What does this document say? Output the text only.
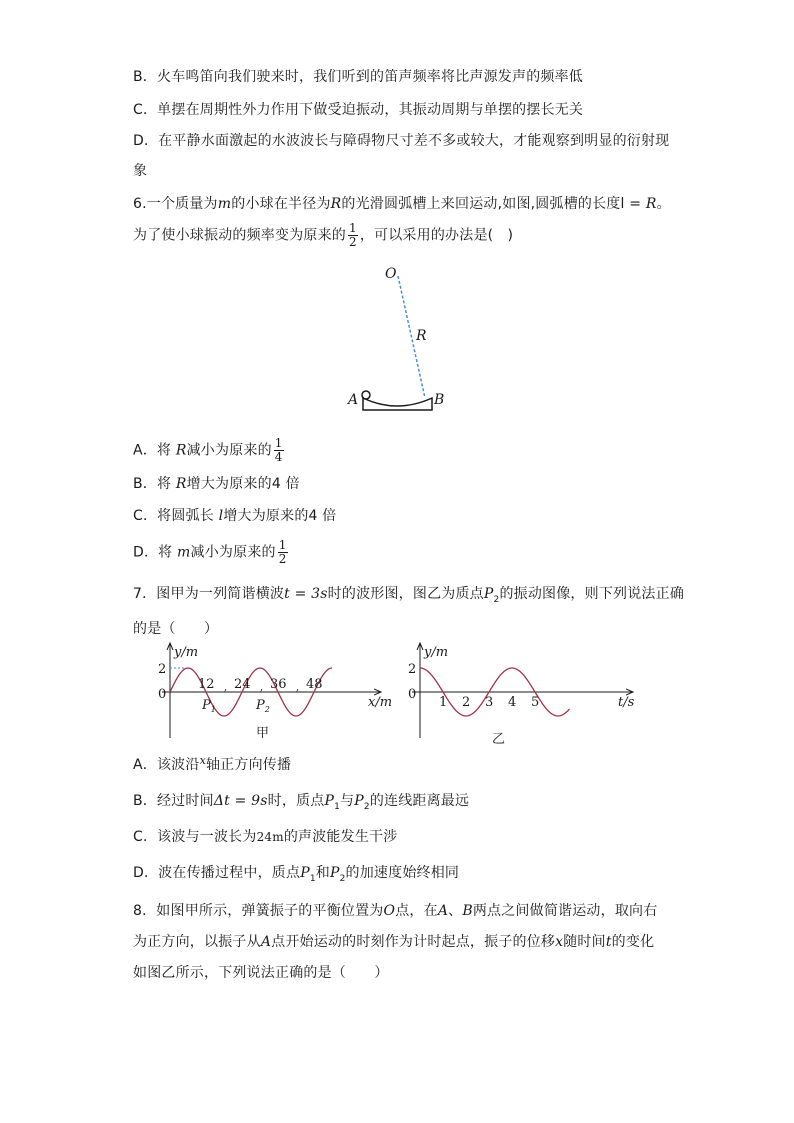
B．火车鸣笛向我们驶来时，我们听到的笛声频率将比声源发声的频率低
C．单摆在周期性外力作用下做受迫振动，其振动周期与单摆的摆长无关
D．在平静水面激起的水波波长与障碍物尺寸差不多或较大，才能观察到明显的衍射现
象
6.一个质量为m的小球在半径为R的光滑圆弧槽上来回运动,如图,圆弧槽的长度l = R。
为了使小球振动的频率变为原来的 $\frac{1}{2}$ ，可以采用的办法是(　)
O
R
A	B
A．将 R减小为原来的 $\frac{1}{4}$
B．将 R增大为原来的4 倍
C．将圆弧长 l增大为原来的4 倍
D．将 m减小为原来的 $\frac{1}{2}$
7．图甲为一列简谐横波t = 3s时的波形图，图乙为质点$P_2$的振动图像，则下列说法正确
的是（　　）
y/m
x/m
0
2
12 24
,	36
,	48
,
$P_1$	$P_2$
甲
y/m
t/s
0
2
1 2 3 4 5
乙
A．该波沿$^x$轴正方向传播
B．经过时间Δt = 9s时，质点$P_1$与$P_2$的连线距离最远
C．该波与一波长为24m的声波能发生干涉
D．波在传播过程中，质点$P_1$和$P_2$的加速度始终相同
8．如图甲所示，弹簧振子的平衡位置为O点，在A、B两点之间做简谐运动，取向右
为正方向，以振子从A点开始运动的时刻作为计时起点，振子的位移x随时间t的变化
如图乙所示，下列说法正确的是（　　）
